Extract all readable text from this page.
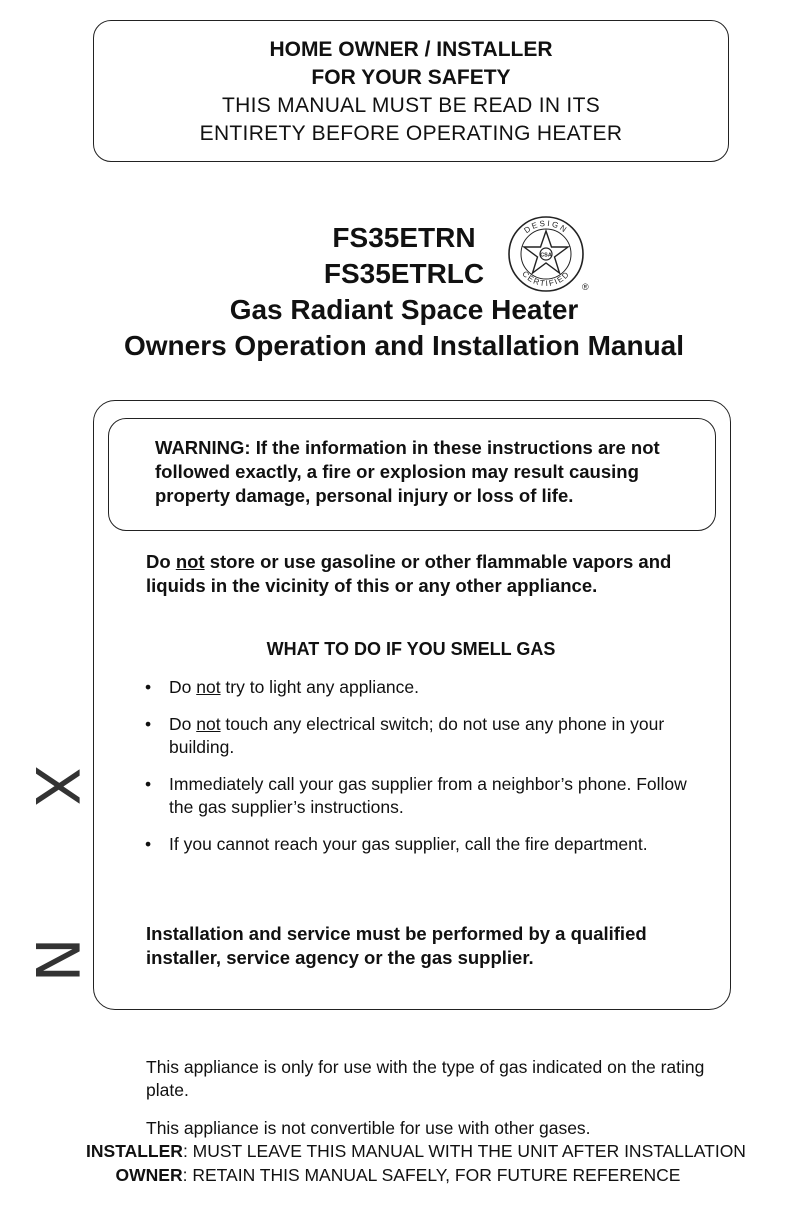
HOME OWNER / INSTALLER
FOR YOUR SAFETY
THIS MANUAL MUST BE READ IN ITS
ENTIRETY BEFORE OPERATING HEATER
FS35ETRN
FS35ETRLC
Gas Radiant Space Heater
Owners Operation and Installation Manual
DESIGN
CERTIFIED
CSA
®
WARNING: If the information in these instructions are not followed exactly, a fire or explosion may result causing property damage, personal injury or loss of life.
Do not store or use gasoline or other flammable vapors and liquids in the vicinity of this or any other appliance.
WHAT TO DO IF YOU SMELL GAS
• Do not try to light any appliance.
• Do not touch any electrical switch; do not use any phone in your building.
• Immediately call your gas supplier from a neighbor’s phone. Follow the gas supplier’s instructions.
• If you cannot reach your gas supplier, call the fire department.
Installation and service must be performed by a qualified installer, service agency or the gas supplier.
X
N
This appliance is only for use with the type of gas indicated on the rating plate.
This appliance is not convertible for use with other gases.
INSTALLER: MUST LEAVE THIS MANUAL WITH THE UNIT AFTER INSTALLATION
OWNER: RETAIN THIS MANUAL SAFELY, FOR FUTURE REFERENCE
